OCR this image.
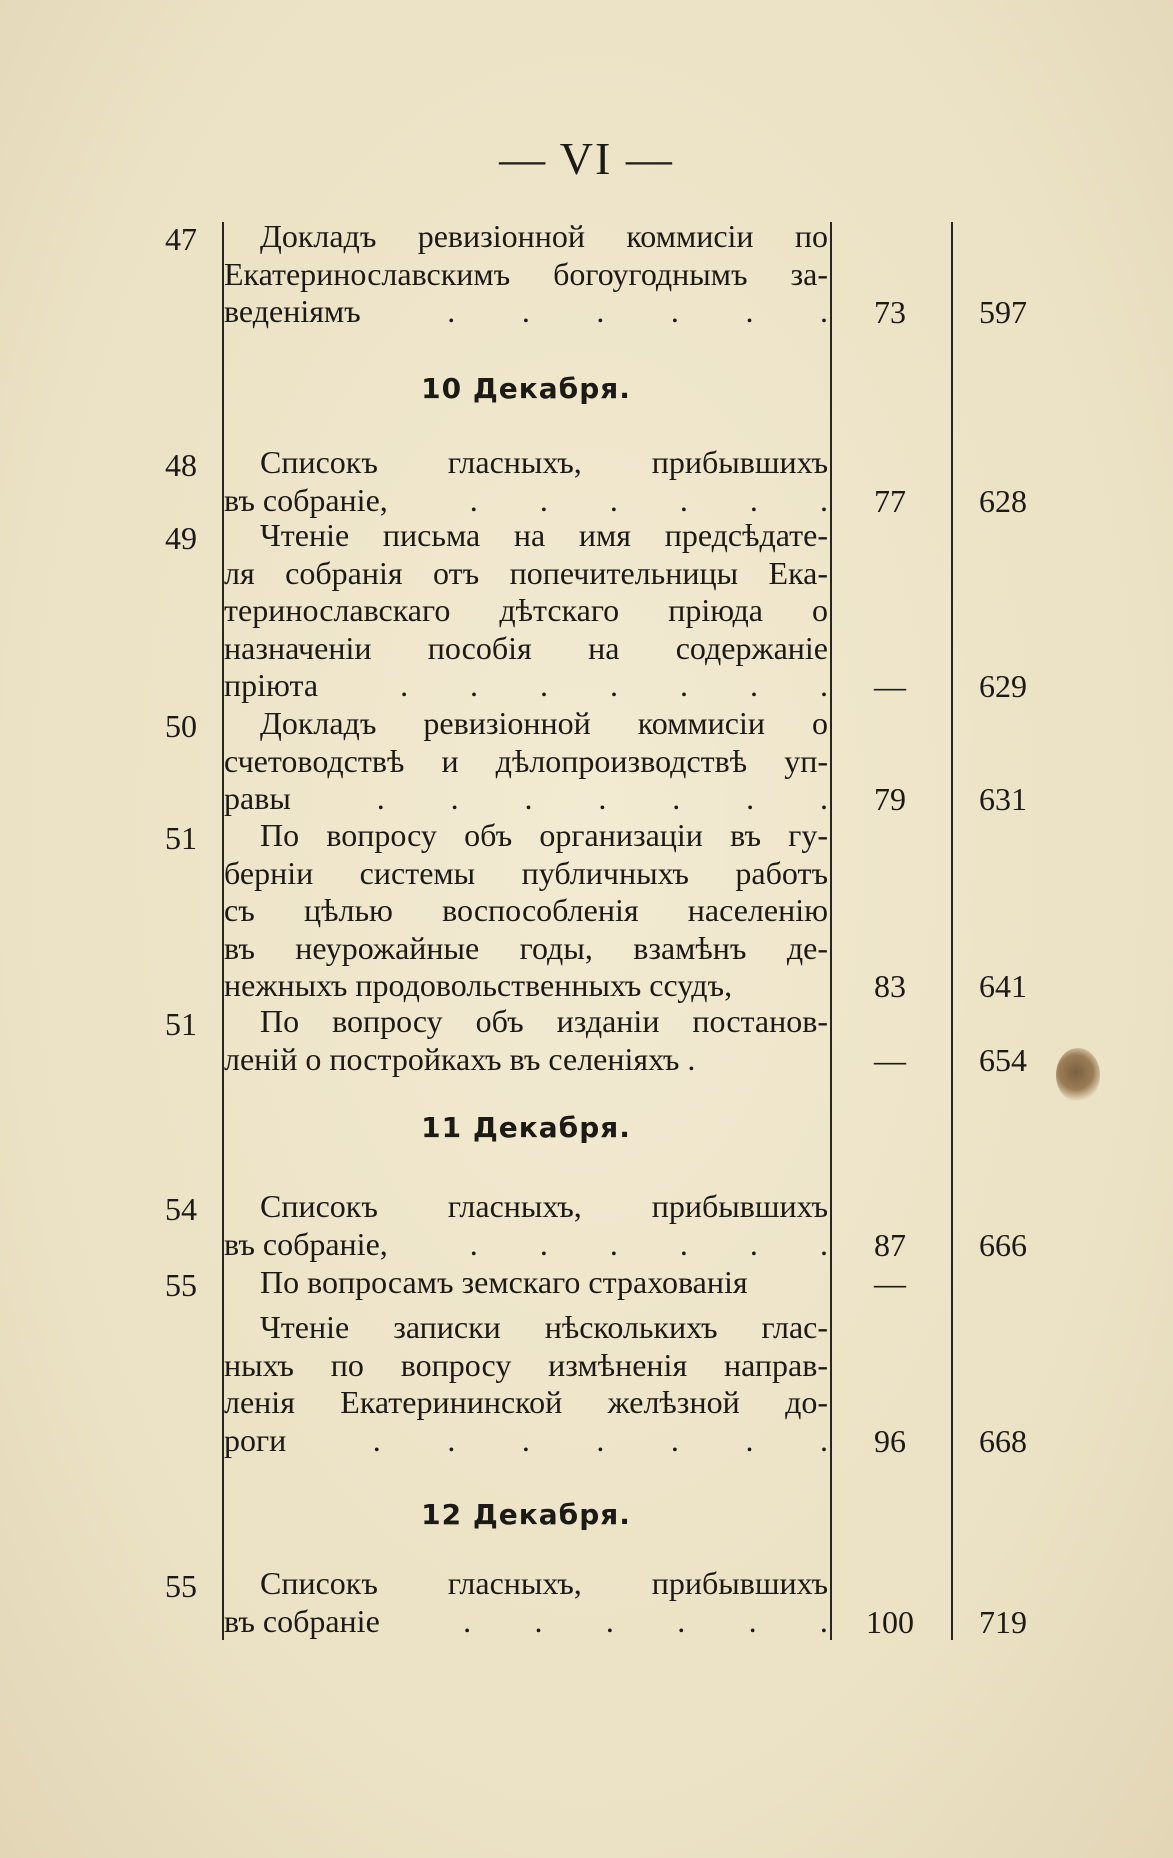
— VI —
47	Докладъ ревизіонной коммисіи по
Екатеринославскимъ богоугоднымъ за-
веденіямъ	. . . . . .	73	597
10 Декабря.
48	Списокъ гласныхъ, прибывшихъ
въ собраніе,	. . . . . .	77	628
49	Чтеніе письма на имя предсѣдате-
ля собранія отъ попечительницы Ека-
теринославскаго дѣтскаго пріюда о
назначеніи пособія на содержаніе
пріюта	. . . . . . .	—	629
50	Докладъ ревизіонной коммисіи о
счетоводствѣ и дѣлопроизводствѣ уп-
равы	. . . . . . .	79	631
51	По вопросу объ организаціи въ гу-
берніи системы публичныхъ работъ
съ цѣлью воспособленія населенію
въ неурожайные годы, взамѣнъ де-
нежныхъ продовольственныхъ ссудъ,	83	641
51	По вопросу объ изданіи постанов-
леній о постройкахъ въ селеніяхъ .	—	654
11 Декабря.
54	Списокъ гласныхъ, прибывшихъ
въ собраніе,	. . . . . .	87	666
55	По вопросамъ земскаго страхованія	—
Чтеніе записки нѣсколькихъ глас-
ныхъ по вопросу измѣненія направ-
ленія Екатерининской желѣзной до-
роги	. . . . . . .	96	668
12 Декабря.
55	Списокъ гласныхъ, прибывшихъ
въ собраніе	. . . . . .	100	719
